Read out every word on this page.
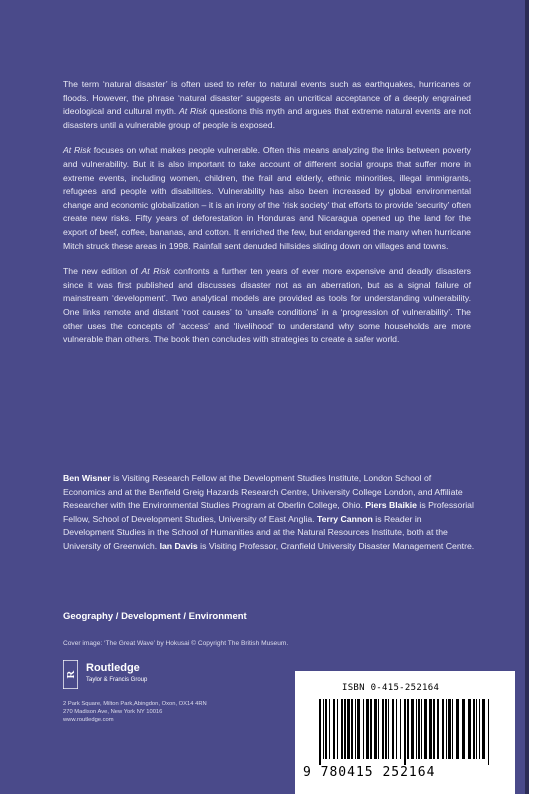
The term ‘natural disaster’ is often used to refer to natural events such as earthquakes, hurricanes or floods. However, the phrase ‘natural disaster’ suggests an uncritical acceptance of a deeply engrained ideological and cultural myth. At Risk questions this myth and argues that extreme natural events are not disasters until a vulnerable group of people is exposed.

At Risk focuses on what makes people vulnerable. Often this means analyzing the links between poverty and vulnerability. But it is also important to take account of different social groups that suffer more in extreme events, including women, children, the frail and elderly, ethnic minorities, illegal immigrants, refugees and people with disabilities. Vulnerability has also been increased by global environmental change and economic globalization – it is an irony of the ‘risk society’ that efforts to provide ‘security’ often create new risks. Fifty years of deforestation in Honduras and Nicaragua opened up the land for the export of beef, coffee, bananas, and cotton. It enriched the few, but endangered the many when hurricane Mitch struck these areas in 1998. Rainfall sent denuded hillsides sliding down on villages and towns.

The new edition of At Risk confronts a further ten years of ever more expensive and deadly disasters since it was first published and discusses disaster not as an aberration, but as a signal failure of mainstream ‘development’. Two analytical models are provided as tools for understanding vulnerability. One links remote and distant ‘root causes’ to ‘unsafe conditions’ in a ‘progression of vulnerability’. The other uses the concepts of ‘access’ and ‘livelihood’ to understand why some households are more vulnerable than others. The book then concludes with strategies to create a safer world.

Ben Wisner is Visiting Research Fellow at the Development Studies Institute, London School of Economics and at the Benfield Greig Hazards Research Centre, University College London, and Affiliate Researcher with the Environmental Studies Program at Oberlin College, Ohio. Piers Blaikie is Professorial Fellow, School of Development Studies, University of East Anglia. Terry Cannon is Reader in Development Studies in the School of Humanities and at the Natural Resources Institute, both at the University of Greenwich. Ian Davis is Visiting Professor, Cranfield University Disaster Management Centre.

Geography / Development / Environment

Cover image: ‘The Great Wave’ by Hokusai © Copyright The British Museum.

R

Routledge

Taylor & Francis Group

2 Park Square, Milton Park,Abingdon, Oxon, OX14 4RN
270 Madison Ave, New York NY 10016
www.routledge.com

ISBN 0-415-252164

9 780415 252164
